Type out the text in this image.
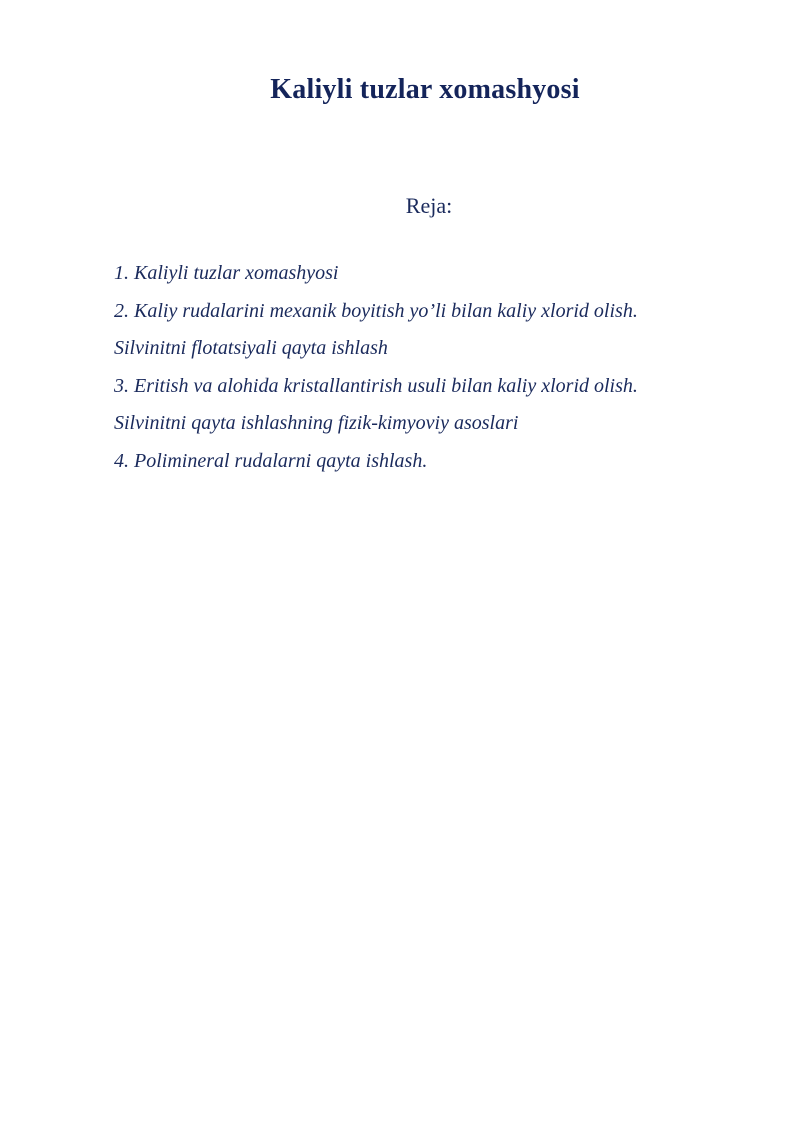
Kaliyli tuzlar xomashyosi
Reja:
1. Kaliyli tuzlar xomashyosi
2. Kaliy rudalarini mexanik boyitish yo’li bilan kaliy xlorid olish.
Silvinitni flotatsiyali qayta ishlash
3. Eritish va alohida kristallantirish usuli bilan kaliy xlorid olish.
Silvinitni qayta ishlashning fizik-kimyoviy asoslari
4. Polimineral rudalarni qayta ishlash.
